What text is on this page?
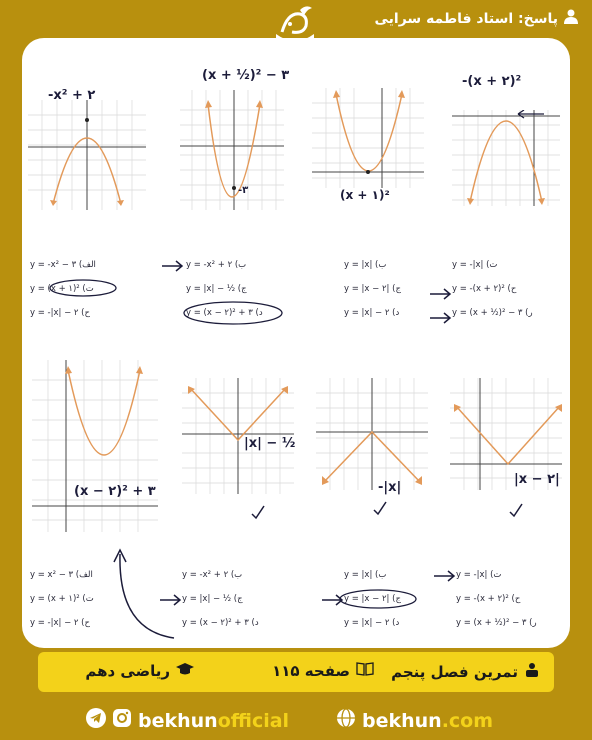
پاسخ: استاد فاطمه سرایی
-x² + ۲
(x + ½)² − ۳
-۳	(x + ۱)²
-(x + ۲)²
y = -x² − ۳ (الف
y = (x + ۱)² (ت
y = -|x| − ۲ (ح
y = -x² + ۲ (ب
y = |x| − ½ (ج
y = (x − ۲)² + ۳ (د
y = |x| (ب
y = |x − ۲| (ج
y = |x| − ۲ (د
y = -|x| (ت
y = -(x + ۲)² (ح
y = (x + ½)² − ۳ (ر
(x − ۲)² + ۳
|x| − ½
-|x|
|x − ۲|
y = x² − ۳ (الف
y = (x + ۱)² (ت
y = -|x| − ۲ (ح
y = -x² + ۲ (ب
y = |x| − ½ (ج
y = (x − ۲)² + ۳ (د
y = |x| (ب
y = |x − ۲| (ج
y = |x| − ۲ (د
y = -|x| (ت
y = -(x + ۲)² (ح
y = (x + ½)² − ۳ (ر
تمرین فصل پنجم
صفحه ۱۱۵
ریاضی دهم
bekhunofficial	bekhun.com
